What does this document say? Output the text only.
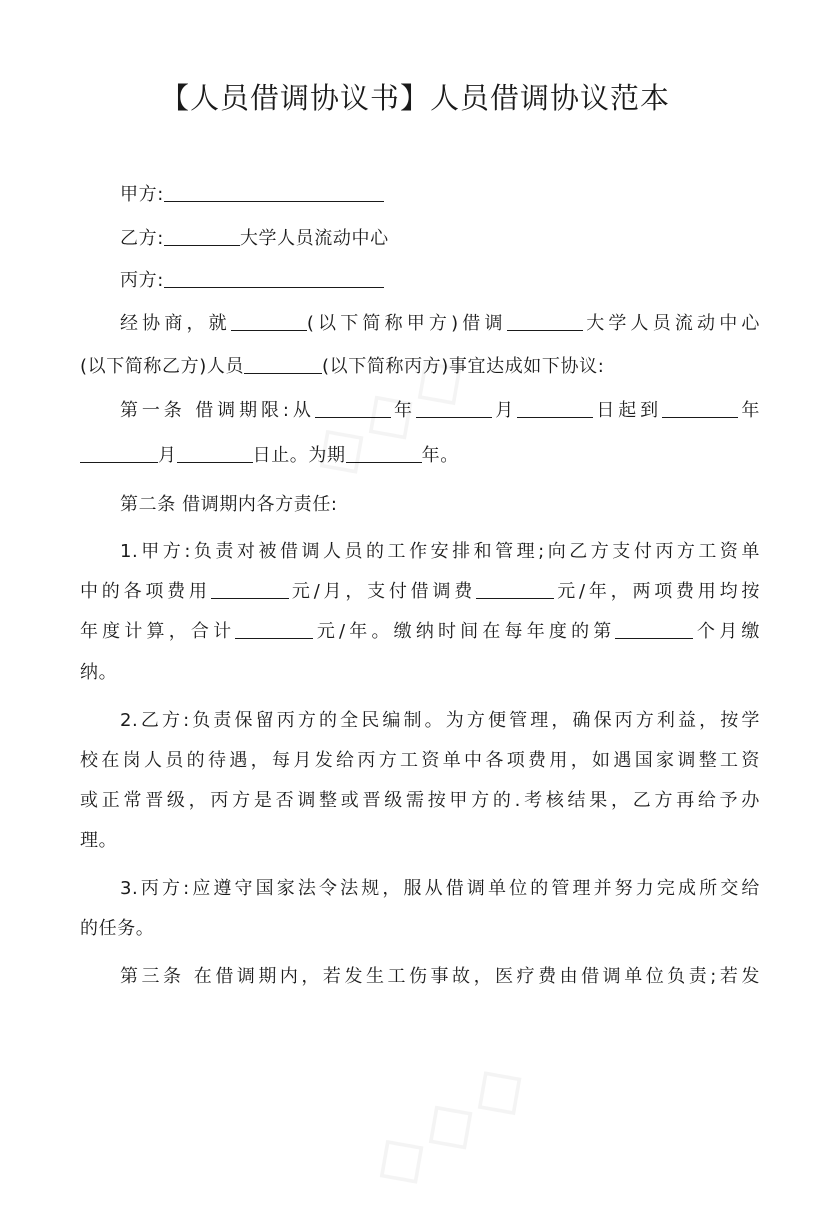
【人员借调协议书】人员借调协议范本
甲方:
乙方:	大学人员流动中心
丙方:
经协商，就	(以下简称甲方)借调	大学人员流动中心
(以下简称乙方)人员	(以下简称丙方)事宜达成如下协议:
第一条 借调期限:从	年	月	日起到	年
月	日止。为期	年。
第二条 借调期内各方责任:
1.甲方:负责对被借调人员的工作安排和管理;向乙方支付丙方工资单
中的各项费用	元/月，支付借调费	元/年，两项费用均按
年度计算，合计	元/年。缴纳时间在每年度的第	个月缴
纳。
2.乙方:负责保留丙方的全民编制。为方便管理，确保丙方利益，按学
校在岗人员的待遇，每月发给丙方工资单中各项费用，如遇国家调整工资
或正常晋级，丙方是否调整或晋级需按甲方的.考核结果，乙方再给予办
理。
3.丙方:应遵守国家法令法规，服从借调单位的管理并努力完成所交给
的任务。
第三条 在借调期内，若发生工伤事故，医疗费由借调单位负责;若发
